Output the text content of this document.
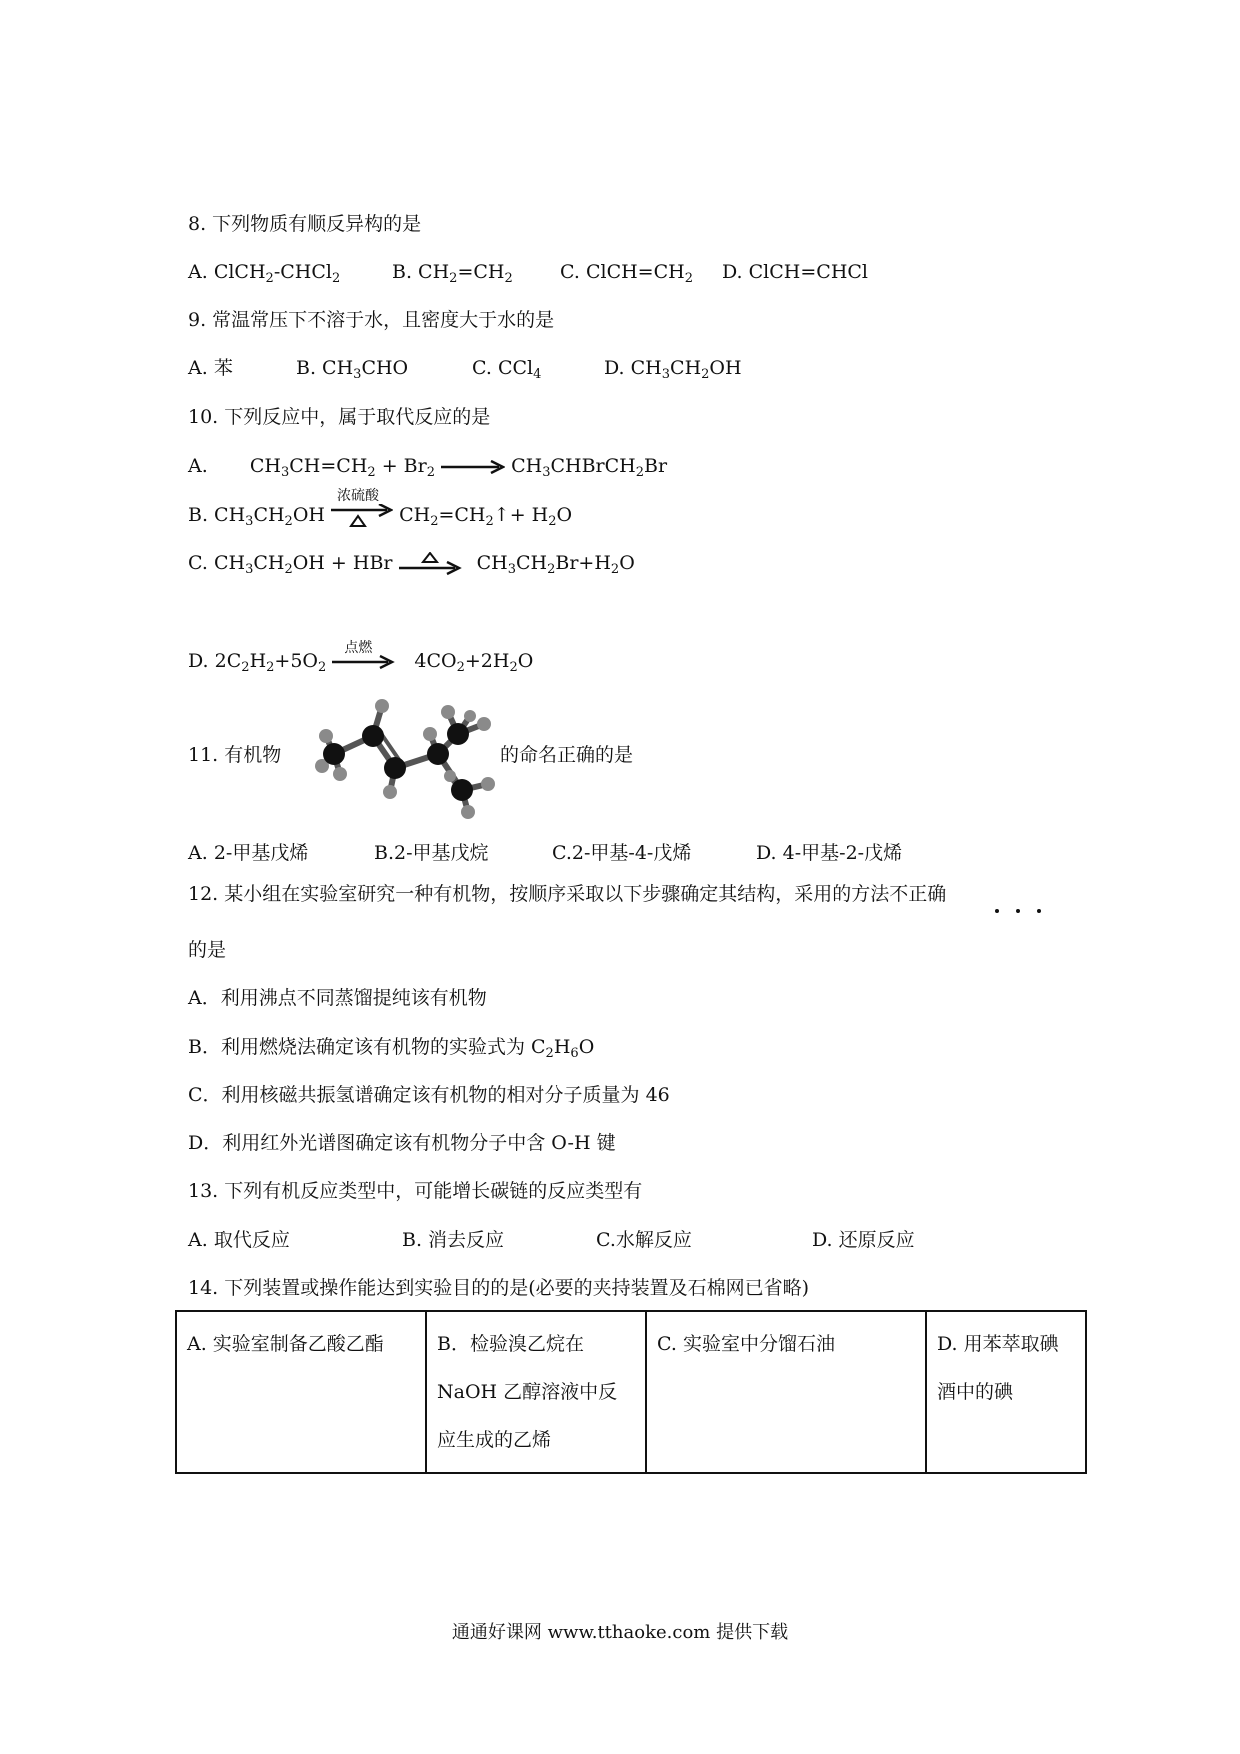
8. 下列物质有顺反异构的是
A. ClCH$_2$-CHCl$_2$	B. $CH_2=CH_2$ C. $ClCH=CH_2$ D. ClCH=CHCl
9. 常温常压下不溶于水，且密度大于水的是
A. 苯	B. $CH_3CHO$	C. CCl$_4$	D. $CH_3CH_2OH$
10. 下列反应中，属于取代反应的是
A. $CH_3CH=CH_2 + Br_2$ → $CH_3CHBrCH_2Br$
B. $CH_3CH_2OH$
浓硫酸
$CH_2=CH_2↑+ H_2O$
C. $CH_3CH_2OH$ + HBr	$CH_3CH_2Br+H_2O$
D. $2C_2H_2+5O_2$
点燃
$4CO_2+2H_2O$
11. 有机物	的命名正确的是
A. 2-甲基戊烯	B.2-甲基戊烷	C.2-甲基-4-戊烯	D. 4-甲基-2-戊烯
12. 某小组在实验室研究一种有机物，按顺序采取以下步骤确定其结构，采用的方法不正确
的是
A．利用沸点不同蒸馏提纯该有机物
B．利用燃烧法确定该有机物的实验式为 $C_2H_6O$
C．利用核磁共振氢谱确定该有机物的相对分子质量为 46
D．利用红外光谱图确定该有机物分子中含 O-H 键
13. 下列有机反应类型中，可能增长碳链的反应类型有
A. 取代反应	B. 消去反应	C.水解反应	D. 还原反应
14. 下列装置或操作能达到实验目的的是(必要的夹持装置及石棉网已省略)
A. 实验室制备乙酸乙酯	B．检验溴乙烷在 NaOH 乙醇溶液中反应生成的乙烯	C. 实验室中分馏石油	D. 用苯萃取碘酒中的碘
通通好课网 www.tthaoke.com 提供下载
